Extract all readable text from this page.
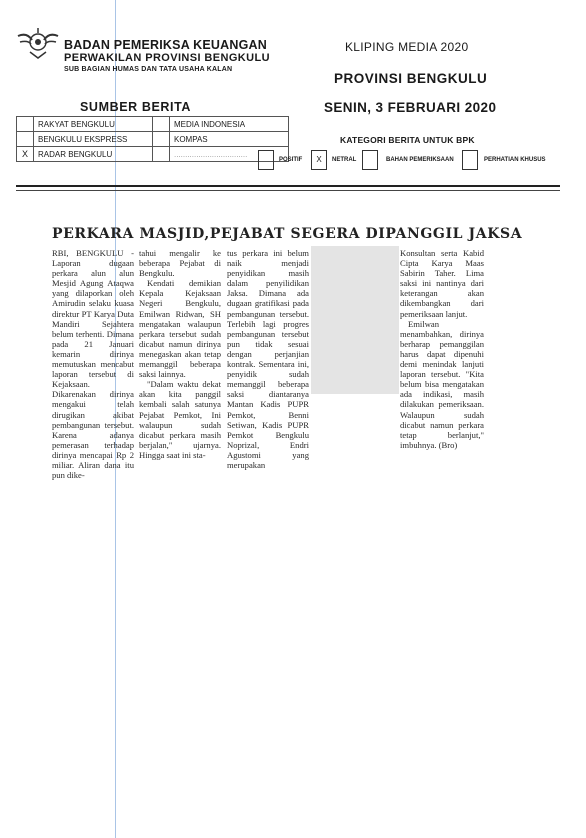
BADAN PEMERIKSA KEUANGAN
PERWAKILAN PROVINSI BENGKULU
SUB BAGIAN HUMAS DAN TATA USAHA KALAN
KLIPING MEDIA 2020
PROVINSI BENGKULU
SENIN, 3 FEBRUARI 2020
SUMBER BERITA
	RAKYAT BENGKULU		MEDIA INDONESIA
	BENGKULU EKSPRESS		KOMPAS
X	RADAR BENGKULU		.................................
KATEGORI BERITA UNTUK BPK
POSITIF	X	NETRAL	BAHAN PEMERIKSAAN	PERHATIAN KHUSUS
PERKARA MASJID,PEJABAT SEGERA DIPANGGIL JAKSA

RBI, BENGKULU - Laporan dugaan perkara alun alun Mesjid Agung Ataqwa yang dilaporkan oleh Amirudin selaku kuasa direktur PT Karya Duta Mandiri Sejahtera belum terhenti. Dimana pada 21 Januari kemarin dirinya memutuskan mencabut laporan tersebut di Kejaksaan. Dikarenakan dirinya mengakui telah dirugikan akibat pembangunan tersebut. Karena adanya pemerasan terhadap dirinya mencapai Rp 2 miliar. Aliran dana itu pun dike-

tahui mengalir ke beberapa Pejabat di Bengkulu.

Kendati demikian Kepala Kejaksaan Negeri Bengkulu, Emilwan Ridwan, SH mengatakan walaupun perkara tersebut sudah dicabut namun dirinya menegaskan akan tetap memanggil beberapa saksi lainnya.

"Dalam waktu dekat akan kita panggil kembali salah satunya Pejabat Pemkot, Ini walaupun sudah dicabut perkara masih berjalan," ujarnya. Hingga saat ini sta-

tus perkara ini belum naik menjadi penyidikan masih dalam penyilidikan Jaksa. Dimana ada dugaan gratifikasi pada pembangunan tersebut. Terlebih lagi progres pembangunan tersebut pun tidak sesuai dengan perjanjian kontrak. Sementara ini, penyidik sudah memanggil beberapa saksi diantaranya Mantan Kadis PUPR Pemkot, Benni Setiwan, Kadis PUPR Pemkot Bengkulu Noprizal, Endri Agustomi yang merupakan

Konsultan serta Kabid Cipta Karya Maas Sabirin Taher. Lima saksi ini nantinya dari keterangan akan dikembangkan dari pemeriksaan lanjut.

Emilwan menambahkan, dirinya berharap pemanggilan harus dapat dipenuhi demi menindak lanjuti laporan tersebut. "Kita belum bisa mengatakan ada indikasi, masih dilakukan pemeriksaan. Walaupun sudah dicabut namun perkara tetap berlanjut," imbuhnya. (Bro)
